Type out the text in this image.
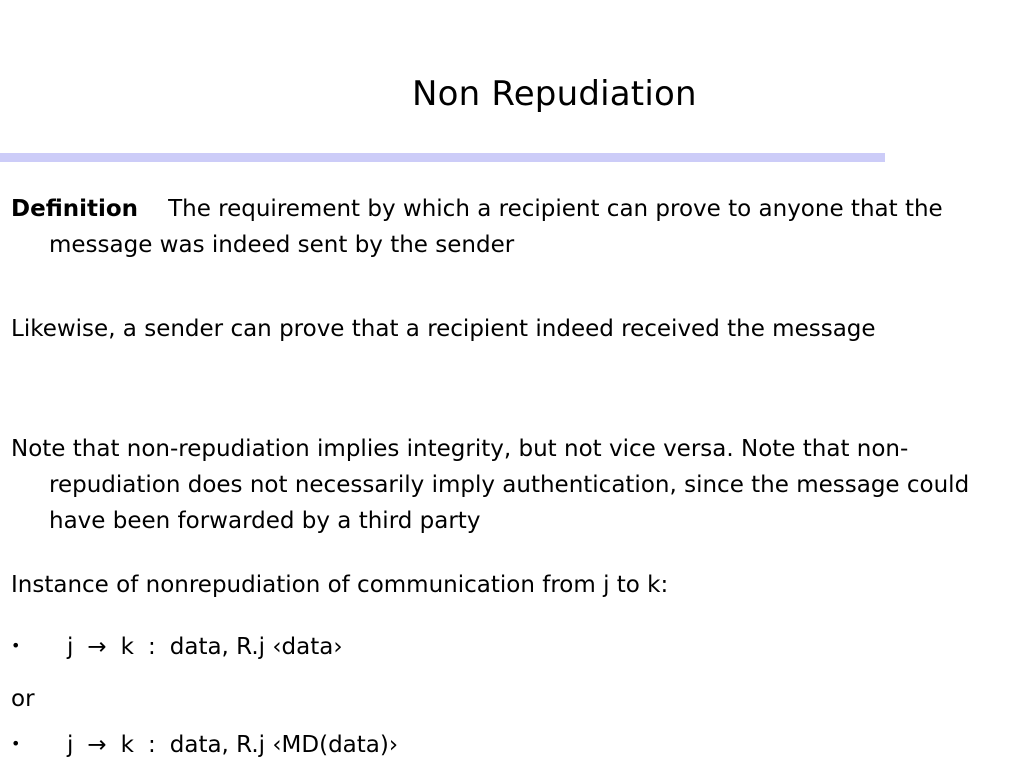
Non Repudiation
Definition The requirement by which a recipient can prove to anyone that the message was indeed sent by the sender
Likewise, a sender can prove that a recipient indeed received the message
Note that non-repudiation implies integrity, but not vice versa. Note that non-repudiation does not necessarily imply authentication, since the message could have been forwarded by a third party
Instance of nonrepudiation of communication from j to k:
• j → k : data, R.j ‹data›
or
• j → k : data, R.j ‹MD(data)›
